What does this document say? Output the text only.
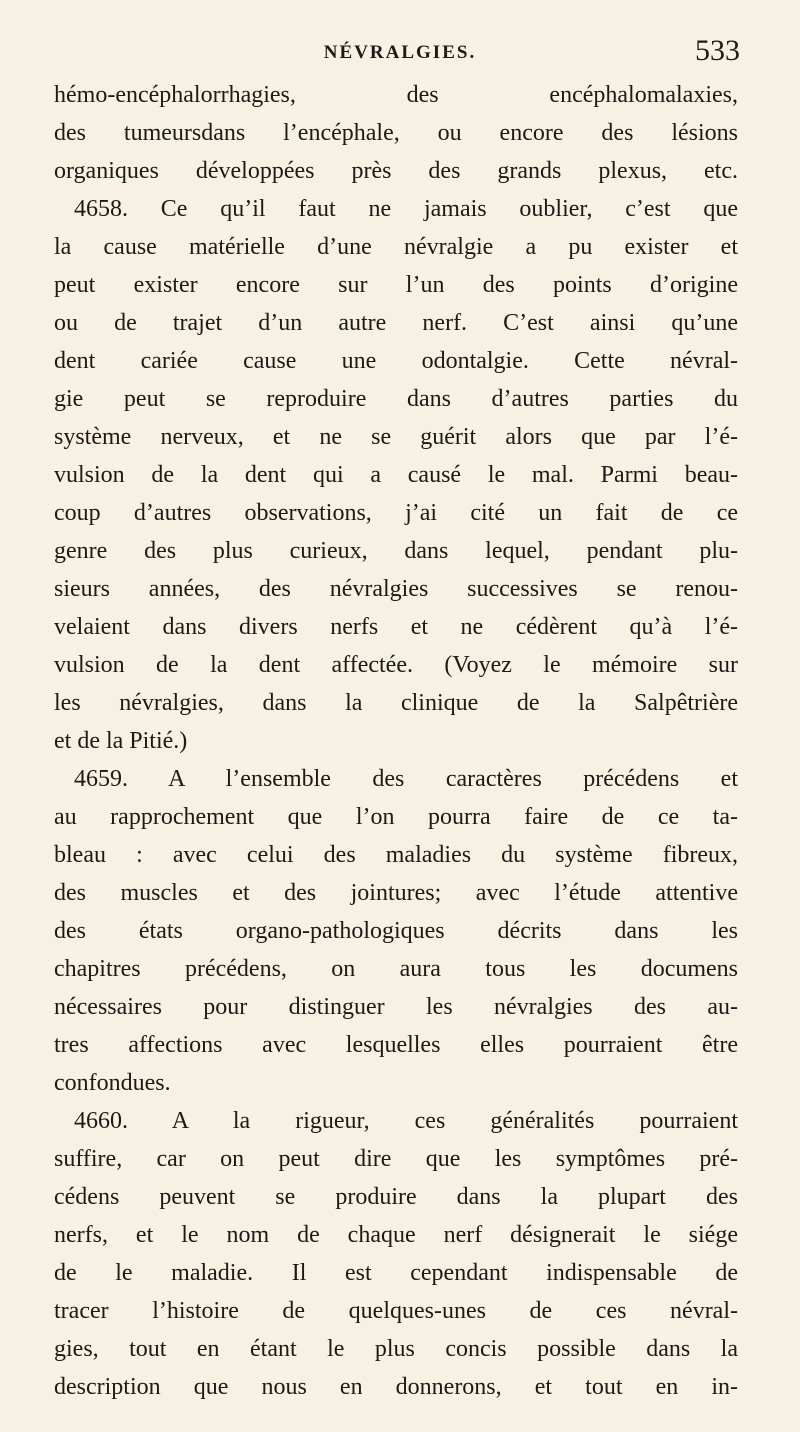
NÉVRALGIES.	533
hémo-encéphalorrhagies, des encéphalomalaxies,
des tumeursdans l’encéphale, ou encore des lésions
organiques développées près des grands plexus, etc.
4658. Ce qu’il faut ne jamais oublier, c’est que
la cause matérielle d’une névralgie a pu exister et
peut exister encore sur l’un des points d’origine
ou de trajet d’un autre nerf. C’est ainsi qu’une
dent cariée cause une odontalgie. Cette névral-
gie peut se reproduire dans d’autres parties du
système nerveux, et ne se guérit alors que par l’é-
vulsion de la dent qui a causé le mal. Parmi beau-
coup d’autres observations, j’ai cité un fait de ce
genre des plus curieux, dans lequel, pendant plu-
sieurs années, des névralgies successives se renou-
velaient dans divers nerfs et ne cédèrent qu’à l’é-
vulsion de la dent affectée. (Voyez le mémoire sur
les névralgies, dans la clinique de la Salpêtrière
et de la Pitié.)
4659. A l’ensemble des caractères précédens et
au rapprochement que l’on pourra faire de ce ta-
bleau : avec celui des maladies du système fibreux,
des muscles et des jointures; avec l’étude attentive
des états organo-pathologiques décrits dans les
chapitres précédens, on aura tous les documens
nécessaires pour distinguer les névralgies des au-
tres affections avec lesquelles elles pourraient être
confondues.
4660. A la rigueur, ces généralités pourraient
suffire, car on peut dire que les symptômes pré-
cédens peuvent se produire dans la plupart des
nerfs, et le nom de chaque nerf désignerait le siége
de le maladie. Il est cependant indispensable de
tracer l’histoire de quelques-unes de ces névral-
gies, tout en étant le plus concis possible dans la
description que nous en donnerons, et tout en in-
